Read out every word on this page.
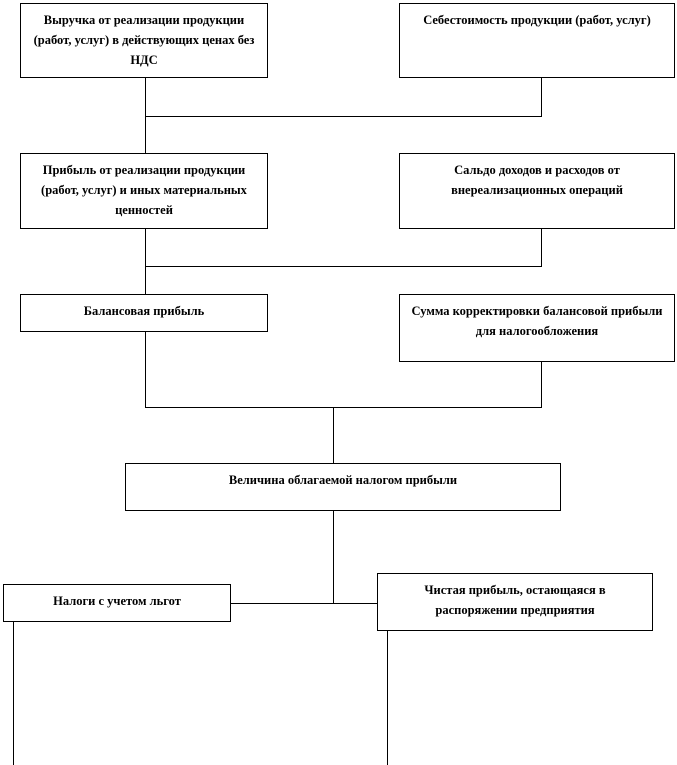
Выручка от реализации продукции (работ, услуг) в действующих ценах без НДС
Себестоимость продукции (работ, услуг)
Прибыль от реализации продукции (работ, услуг) и иных материальных ценностей
Сальдо доходов и расходов от внереализационных операций
Балансовая прибыль	Сумма корректировки балансовой прибыли для налогообложения
Величина облагаемой налогом прибыли
Налоги с учетом льгот
Чистая прибыль, остающаяся в распоряжении предприятия
